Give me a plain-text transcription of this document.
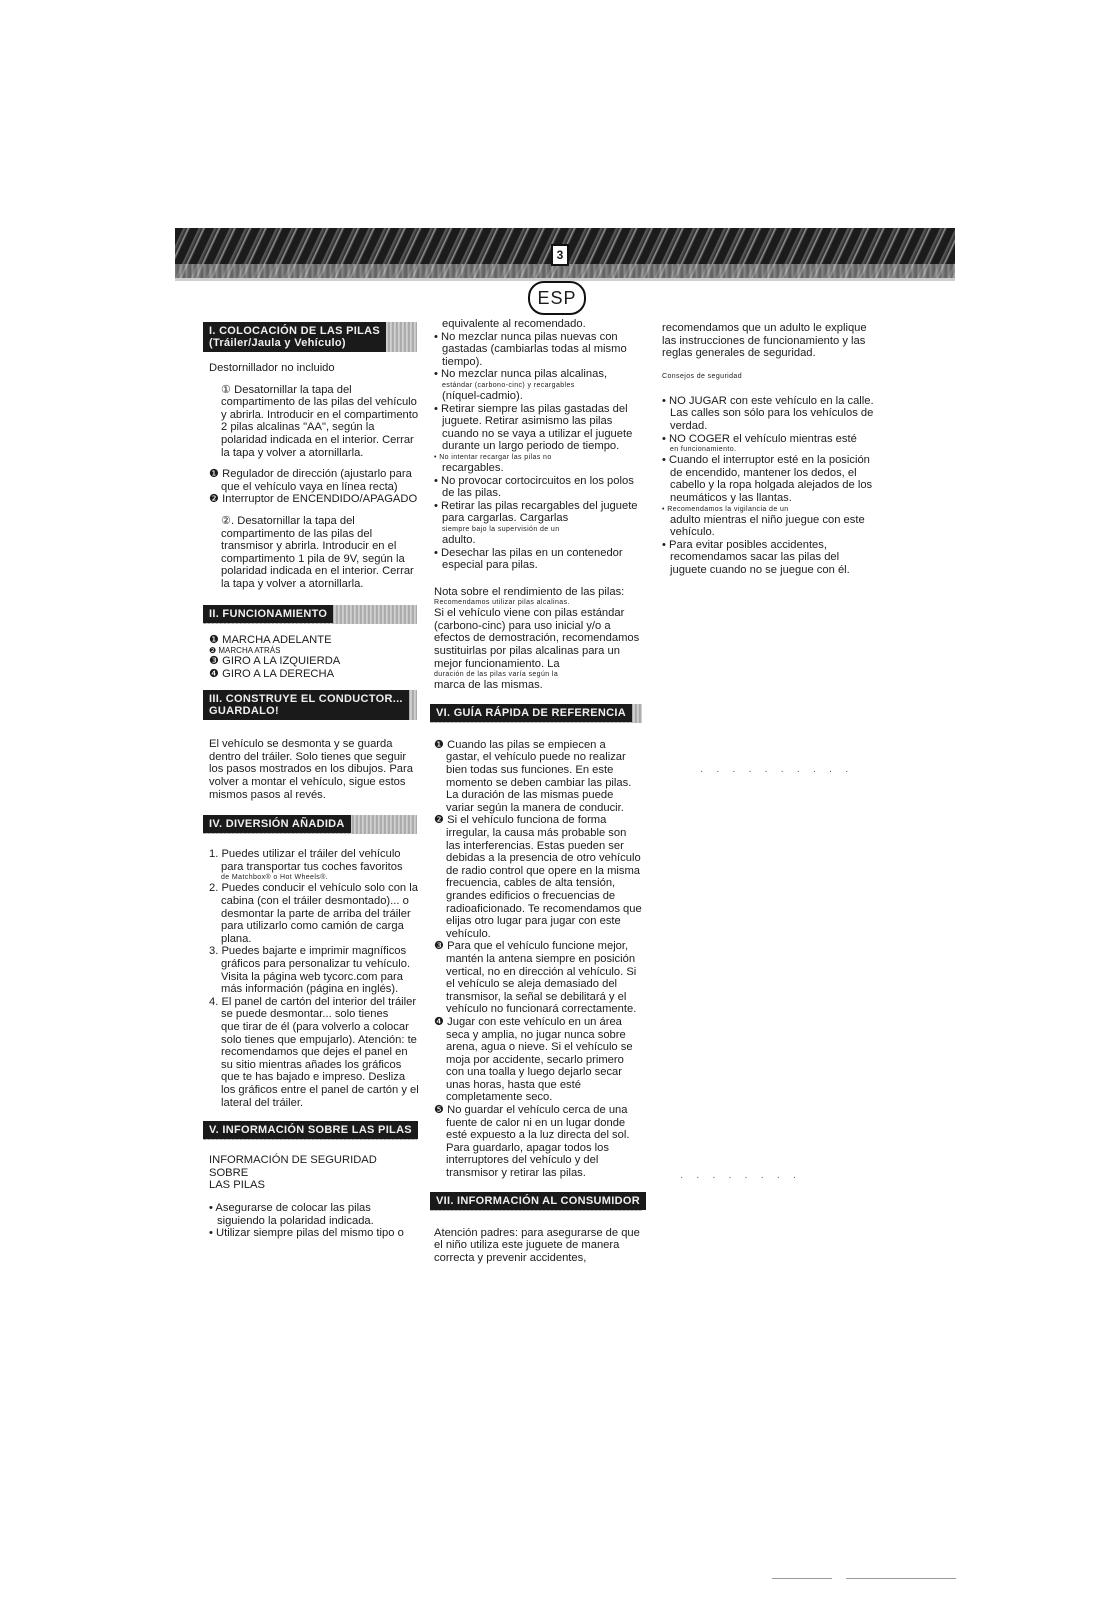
3
ESP
I. COLOCACIÓN DE LAS PILAS
(Tráiler/Jaula y Vehículo)

Destornillador no incluido

① Desatornillar la tapa del compartimento de las pilas del vehículo y abrirla. Introducir en el compartimento 2 pilas alcalinas "AA", según la polaridad indicada en el interior. Cerrar la tapa y volver a atornillarla.

❶ Regulador de dirección (ajustarlo para que el vehículo vaya en línea recta)

❷ Interruptor de ENCENDIDO/APAGADO

②. Desatornillar la tapa del compartimento de las pilas del transmisor y abrirla. Introducir en el compartimento 1 pila de 9V, según la polaridad indicada en el interior. Cerrar la tapa y volver a atornillarla.

II. FUNCIONAMIENTO

❶ MARCHA ADELANTE

❷ MARCHA ATRÁS

❸ GIRO A LA IZQUIERDA

❹ GIRO A LA DERECHA

III. CONSTRUYE EL CONDUCTOR...
GUARDALO!

El vehículo se desmonta y se guarda dentro del tráiler. Solo tienes que seguir los pasos mostrados en los dibujos. Para volver a montar el vehículo, sigue estos mismos pasos al revés.

IV. DIVERSIÓN AÑADIDA

1. Puedes utilizar el tráiler del vehículo para transportar tus coches favoritos

de Matchbox® o Hot Wheels®.

2. Puedes conducir el vehículo solo con la cabina (con el tráiler desmontado)... o desmontar la parte de arriba del tráiler para utilizarlo como camión de carga plana.

3. Puedes bajarte e imprimir magníficos gráficos para personalizar tu vehículo. Visita la página web tycorc.com para más información (página en inglés).

4. El panel de cartón del interior del tráiler se puede desmontar... solo tienes

que tirar de él (para volverlo a colocar solo tienes que empujarlo). Atención: te recomendamos que dejes el panel en su sitio mientras añades los gráficos que te has bajado e impreso. Desliza los gráficos entre el panel de cartón y el lateral del tráiler.

V. INFORMACIÓN SOBRE LAS PILAS

INFORMACIÓN DE SEGURIDAD SOBRE

LAS PILAS

• Asegurarse de colocar las pilas siguiendo la polaridad indicada.

• Utilizar siempre pilas del mismo tipo o

equivalente al recomendado.

• No mezclar nunca pilas nuevas con gastadas (cambiarlas todas al mismo tiempo).

• No mezclar nunca pilas alcalinas,

estándar (carbono-cinc) y recargables

(níquel-cadmio).

• Retirar siempre las pilas gastadas del juguete. Retirar asimismo las pilas cuando no se vaya a utilizar el juguete durante un largo periodo de tiempo.

• No intentar recargar las pilas no

recargables.

• No provocar cortocircuitos en los polos de las pilas.

• Retirar las pilas recargables del juguete para cargarlas. Cargarlas

siempre bajo la supervisión de un

adulto.

• Desechar las pilas en un contenedor especial para pilas.

Nota sobre el rendimiento de las pilas:

Recomendamos utilizar pilas alcalinas.

Si el vehículo viene con pilas estándar (carbono-cinc) para uso inicial y/o a efectos de demostración, recomendamos sustituirlas por pilas alcalinas para un mejor funcionamiento. La

duración de las pilas varía según la

marca de las mismas.

VI. GUÍA RÁPIDA DE REFERENCIA

❶ Cuando las pilas se empiecen a gastar, el vehículo puede no realizar bien todas sus funciones. En este momento se deben cambiar las pilas. La duración de las mismas puede variar según la manera de conducir.

❷ Si el vehículo funciona de forma irregular, la causa más probable son las interferencias. Estas pueden ser debidas a la presencia de otro vehículo de radio control que opere en la misma frecuencia, cables de alta tensión, grandes edificios o frecuencias de radioaficionado. Te recomendamos que elijas otro lugar para jugar con este vehículo.

❸ Para que el vehículo funcione mejor, mantén la antena siempre en posición vertical, no en dirección al vehículo. Si el vehículo se aleja demasiado del transmisor, la señal se debilitará y el vehículo no funcionará correctamente.

❹ Jugar con este vehículo en un área seca y amplia, no jugar nunca sobre arena, agua o nieve. Si el vehículo se moja por accidente, secarlo primero con una toalla y luego dejarlo secar unas horas, hasta que esté completamente seco.

❺ No guardar el vehículo cerca de una fuente de calor ni en un lugar donde esté expuesto a la luz directa del sol. Para guardarlo, apagar todos los interruptores del vehículo y del transmisor y retirar las pilas.

VII. INFORMACIÓN AL CONSUMIDOR

Atención padres: para asegurarse de que el niño utiliza este juguete de manera correcta y prevenir accidentes,

recomendamos que un adulto le explique las instrucciones de funcionamiento y las reglas generales de seguridad.

Consejos de seguridad

• NO JUGAR con este vehículo en la calle. Las calles son sólo para los vehículos de verdad.

• NO COGER el vehículo mientras esté

en funcionamiento.

• Cuando el interruptor esté en la posición de encendido, mantener los dedos, el cabello y la ropa holgada alejados de los neumáticos y las llantas.

• Recomendamos la vigilancia de un

adulto mientras el niño juegue con este vehículo.

• Para evitar posibles accidentes, recomendamos sacar las pilas del juguete cuando no se juegue con él.

· · · · · · · · · ·
· · · · · · · ·
